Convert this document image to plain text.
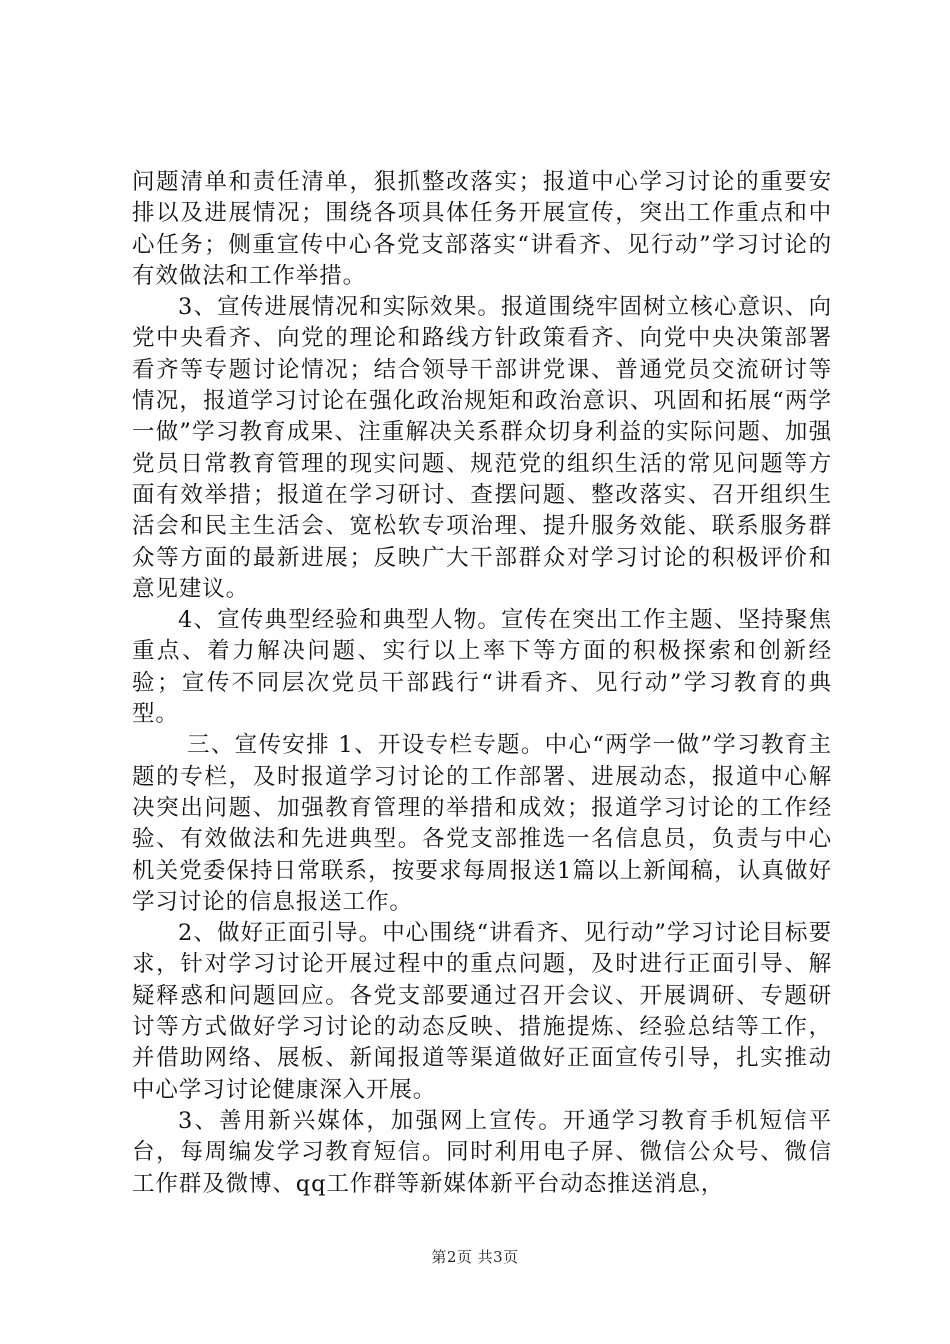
问题清单和责任清单，狠抓整改落实；报道中心学习讨论的重要安排以及进展情况；围绕各项具体任务开展宣传，突出工作重点和中心任务；侧重宣传中心各党支部落实“讲看齐、见行动”学习讨论的有效做法和工作举措。

3、宣传进展情况和实际效果。报道围绕牢固树立核心意识、向党中央看齐、向党的理论和路线方针政策看齐、向党中央决策部署看齐等专题讨论情况；结合领导干部讲党课、普通党员交流研讨等情况，报道学习讨论在强化政治规矩和政治意识、巩固和拓展“两学一做”学习教育成果、注重解决关系群众切身利益的实际问题、加强党员日常教育管理的现实问题、规范党的组织生活的常见问题等方面有效举措；报道在学习研讨、查摆问题、整改落实、召开组织生活会和民主生活会、宽松软专项治理、提升服务效能、联系服务群众等方面的最新进展；反映广大干部群众对学习讨论的积极评价和意见建议。

4、宣传典型经验和典型人物。宣传在突出工作主题、坚持聚焦重点、着力解决问题、实行以上率下等方面的积极探索和创新经验；宣传不同层次党员干部践行“讲看齐、见行动”学习教育的典型。

三、宣传安排 1、开设专栏专题。中心“两学一做”学习教育主题的专栏，及时报道学习讨论的工作部署、进展动态，报道中心解决突出问题、加强教育管理的举措和成效；报道学习讨论的工作经验、有效做法和先进典型。各党支部推选一名信息员，负责与中心机关党委保持日常联系，按要求每周报送1篇以上新闻稿，认真做好学习讨论的信息报送工作。

2、做好正面引导。中心围绕“讲看齐、见行动”学习讨论目标要求，针对学习讨论开展过程中的重点问题，及时进行正面引导、解疑释惑和问题回应。各党支部要通过召开会议、开展调研、专题研讨等方式做好学习讨论的动态反映、措施提炼、经验总结等工作，并借助网络、展板、新闻报道等渠道做好正面宣传引导，扎实推动中心学习讨论健康深入开展。

3、善用新兴媒体，加强网上宣传。开通学习教育手机短信平台，每周编发学习教育短信。同时利用电子屏、微信公众号、微信工作群及微博、qq工作群等新媒体新平台动态推送消息，

第2页 共3页
